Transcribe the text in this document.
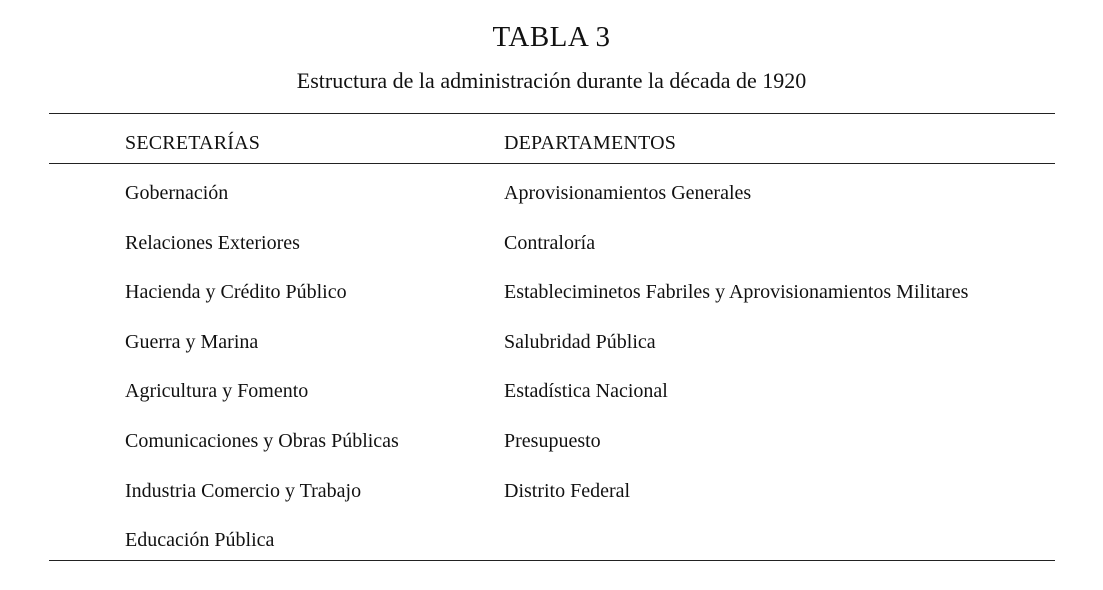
TABLA 3
Estructura de la administración durante la década de 1920
SECRETARÍAS	DEPARTAMENTOS
Gobernación
Relaciones Exteriores
Hacienda y Crédito Público
Guerra y Marina
Agricultura y Fomento
Comunicaciones y Obras Públicas
Industria Comercio y Trabajo
Educación Pública
Aprovisionamientos Generales
Contraloría
Estableciminetos Fabriles y Aprovisionamientos Militares
Salubridad Pública
Estadística Nacional
Presupuesto
Distrito Federal
